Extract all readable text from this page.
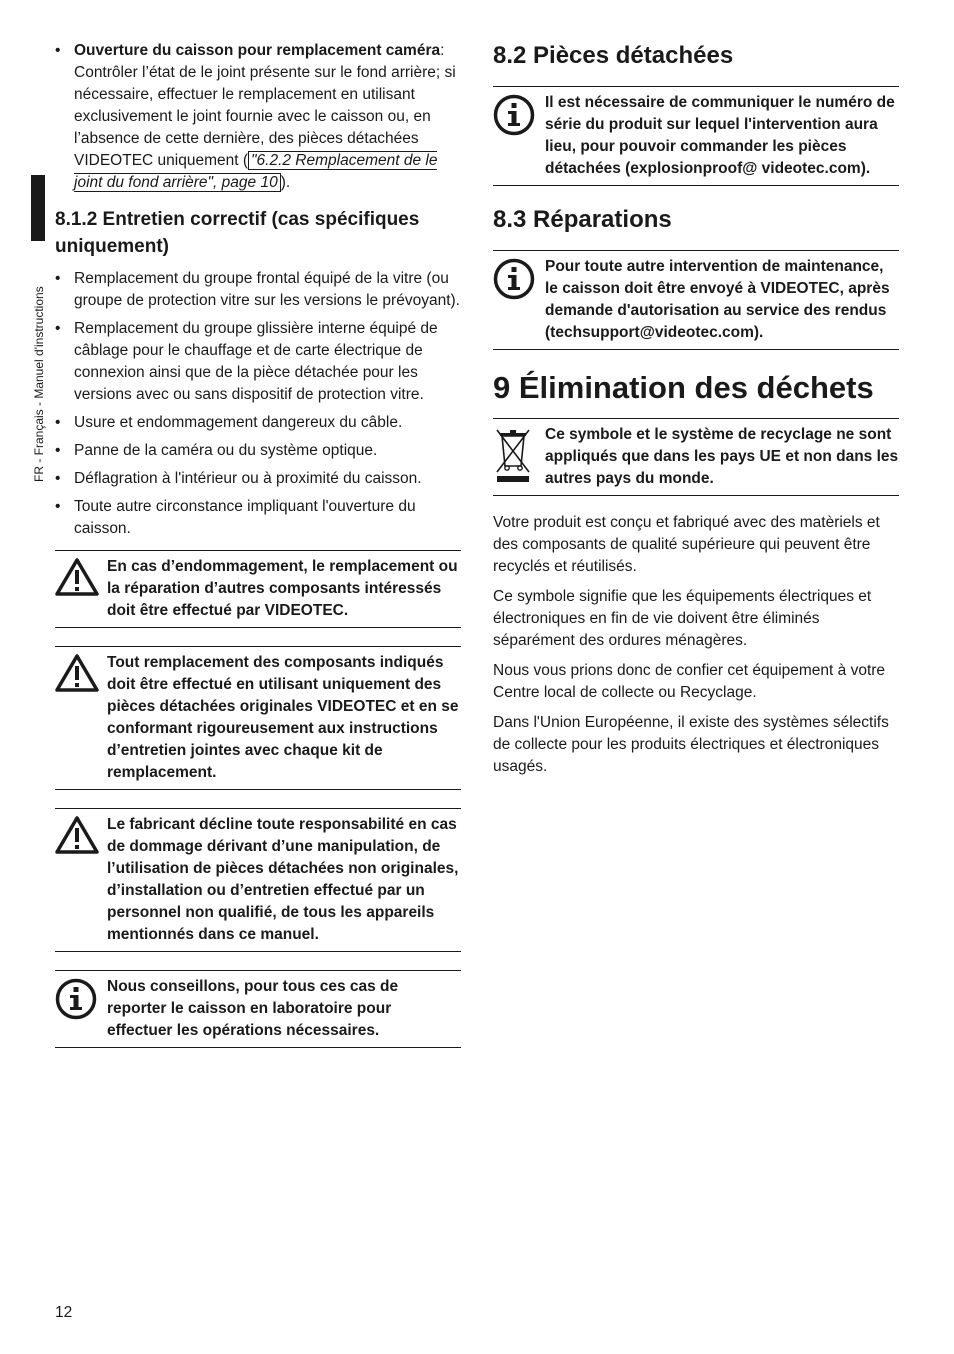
FR - Français - Manuel d'instructions
• Ouverture du caisson pour remplacement caméra: Contrôler l’état de le joint présente sur le fond arrière; si nécessaire, effectuer le remplacement en utilisant exclusivement le joint fournie avec le caisson ou, en l’absence de cette dernière, des pièces détachées VIDEOTEC uniquement ( "6.2.2 Remplacement de le joint du fond arrière", page 10 ).
8.1.2 Entretien correctif (cas spécifiques uniquement)
• Remplacement du groupe frontal équipé de la vitre (ou groupe de protection vitre sur les versions le prévoyant).
• Remplacement du groupe glissière interne équipé de câblage pour le chauffage et de carte électrique de connexion ainsi que de la pièce détachée pour les versions avec ou sans dispositif de protection vitre.
• Usure et endommagement dangereux du câble.
• Panne de la caméra ou du système optique.
• Déflagration à l'intérieur ou à proximité du caisson.
• Toute autre circonstance impliquant l'ouverture du caisson.
En cas d’endommagement, le remplacement ou la réparation d’autres composants intéressés doit être effectué par VIDEOTEC.
Tout remplacement des composants indiqués doit être effectué en utilisant uniquement des pièces détachées originales VIDEOTEC et en se conformant rigoureusement aux instructions d’entretien jointes avec chaque kit de remplacement.
Le fabricant décline toute responsabilité en cas de dommage dérivant d’une manipulation, de l’utilisation de pièces détachées non originales, d’installation ou d’entretien effectué par un personnel non qualifié, de tous les appareils mentionnés dans ce manuel.
Nous conseillons, pour tous ces cas de reporter le caisson en laboratoire pour effectuer les opérations nécessaires.
8.2 Pièces détachées
Il est nécessaire de communiquer le numéro de série du produit sur lequel l'intervention aura lieu, pour pouvoir commander les pièces détachées (explosionproof@ videotec.com).
8.3 Réparations
Pour toute autre intervention de maintenance, le caisson doit être envoyé à VIDEOTEC, après demande d'autorisation au service des rendus (techsupport@videotec.com).
9 Élimination des déchets
Ce symbole et le système de recyclage ne sont appliqués que dans les pays UE et non dans les autres pays du monde.

Votre produit est conçu et fabriqué avec des matèriels et des composants de qualité supérieure qui peuvent être recyclés et réutilisés.

Ce symbole signifie que les équipements électriques et électroniques en fin de vie doivent être éliminés séparément des ordures ménagères.

Nous vous prions donc de confier cet équipement à votre Centre local de collecte ou Recyclage.

Dans l'Union Européenne, il existe des systèmes sélectifs de collecte pour les produits électriques et électroniques usagés.

12
